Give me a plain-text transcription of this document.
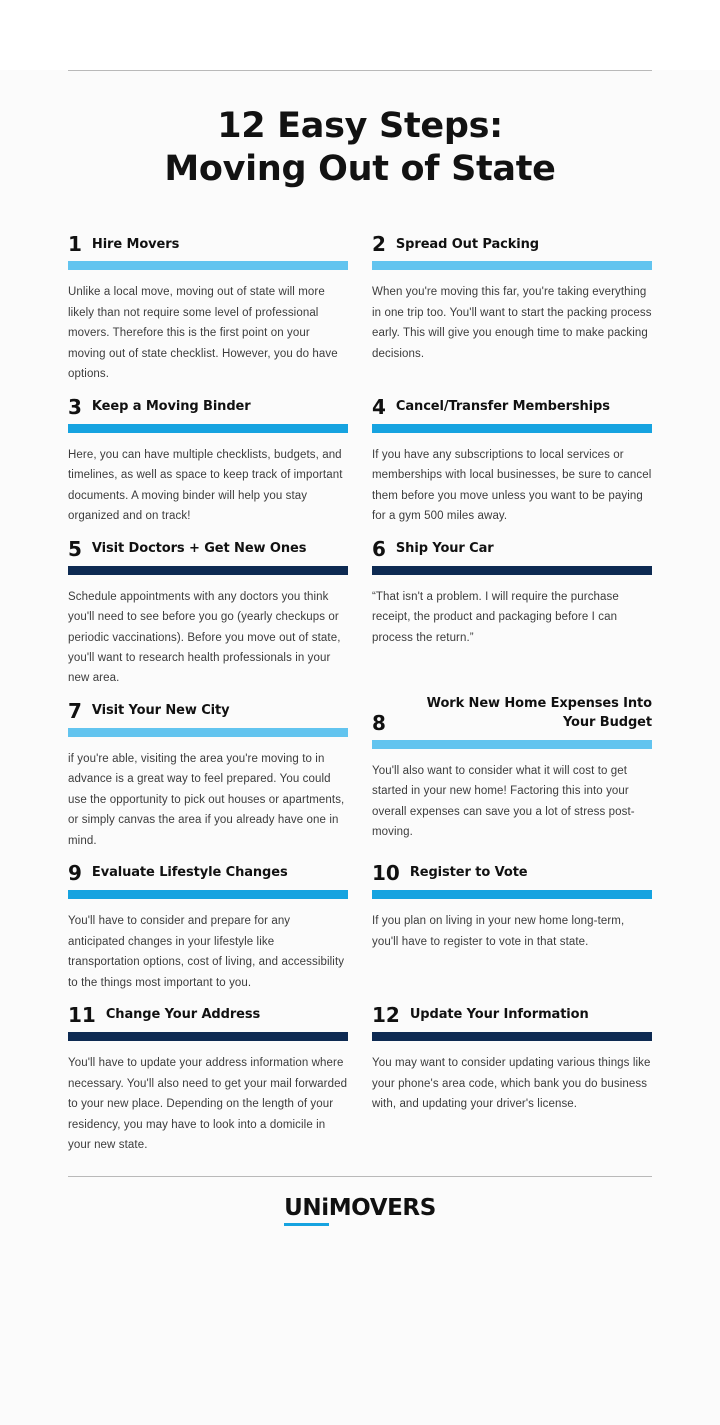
12 Easy Steps:
Moving Out of State
1 Hire Movers
Unlike a local move, moving out of state will more likely than not require some level of professional movers. Therefore this is the first point on your moving out of state checklist. However, you do have options.
2 Spread Out Packing
When you're moving this far, you're taking everything in one trip too. You'll want to start the packing process early. This will give you enough time to make packing decisions.
3 Keep a Moving Binder
Here, you can have multiple checklists, budgets, and timelines, as well as space to keep track of important documents. A moving binder will help you stay organized and on track!
4 Cancel/Transfer Memberships
If you have any subscriptions to local services or memberships with local businesses, be sure to cancel them before you move unless you want to be paying for a gym 500 miles away.
5 Visit Doctors + Get New Ones
Schedule appointments with any doctors you think you'll need to see before you go (yearly checkups or periodic vaccinations). Before you move out of state, you'll want to research health professionals in your new area.
6 Ship Your Car
“That isn't a problem. I will require the purchase receipt, the product and packaging before I can process the return.”
7 Visit Your New City
if you're able, visiting the area you're moving to in advance is a great way to feel prepared. You could use the opportunity to pick out houses or apartments, or simply canvas the area if you already have one in mind.
8
Work New Home Expenses Into Your Budget
You'll also want to consider what it will cost to get started in your new home! Factoring this into your overall expenses can save you a lot of stress post-moving.
9 Evaluate Lifestyle Changes
You'll have to consider and prepare for any anticipated changes in your lifestyle like transportation options, cost of living, and accessibility to the things most important to you.
10 Register to Vote
If you plan on living in your new home long-term, you'll have to register to vote in that state.
11 Change Your Address
You'll have to update your address information where necessary. You'll also need to get your mail forwarded to your new place. Depending on the length of your residency, you may have to look into a domicile in your new state.
12 Update Your Information
You may want to consider updating various things like your phone's area code, which bank you do business with, and updating your driver's license.
UNiMOVERS
